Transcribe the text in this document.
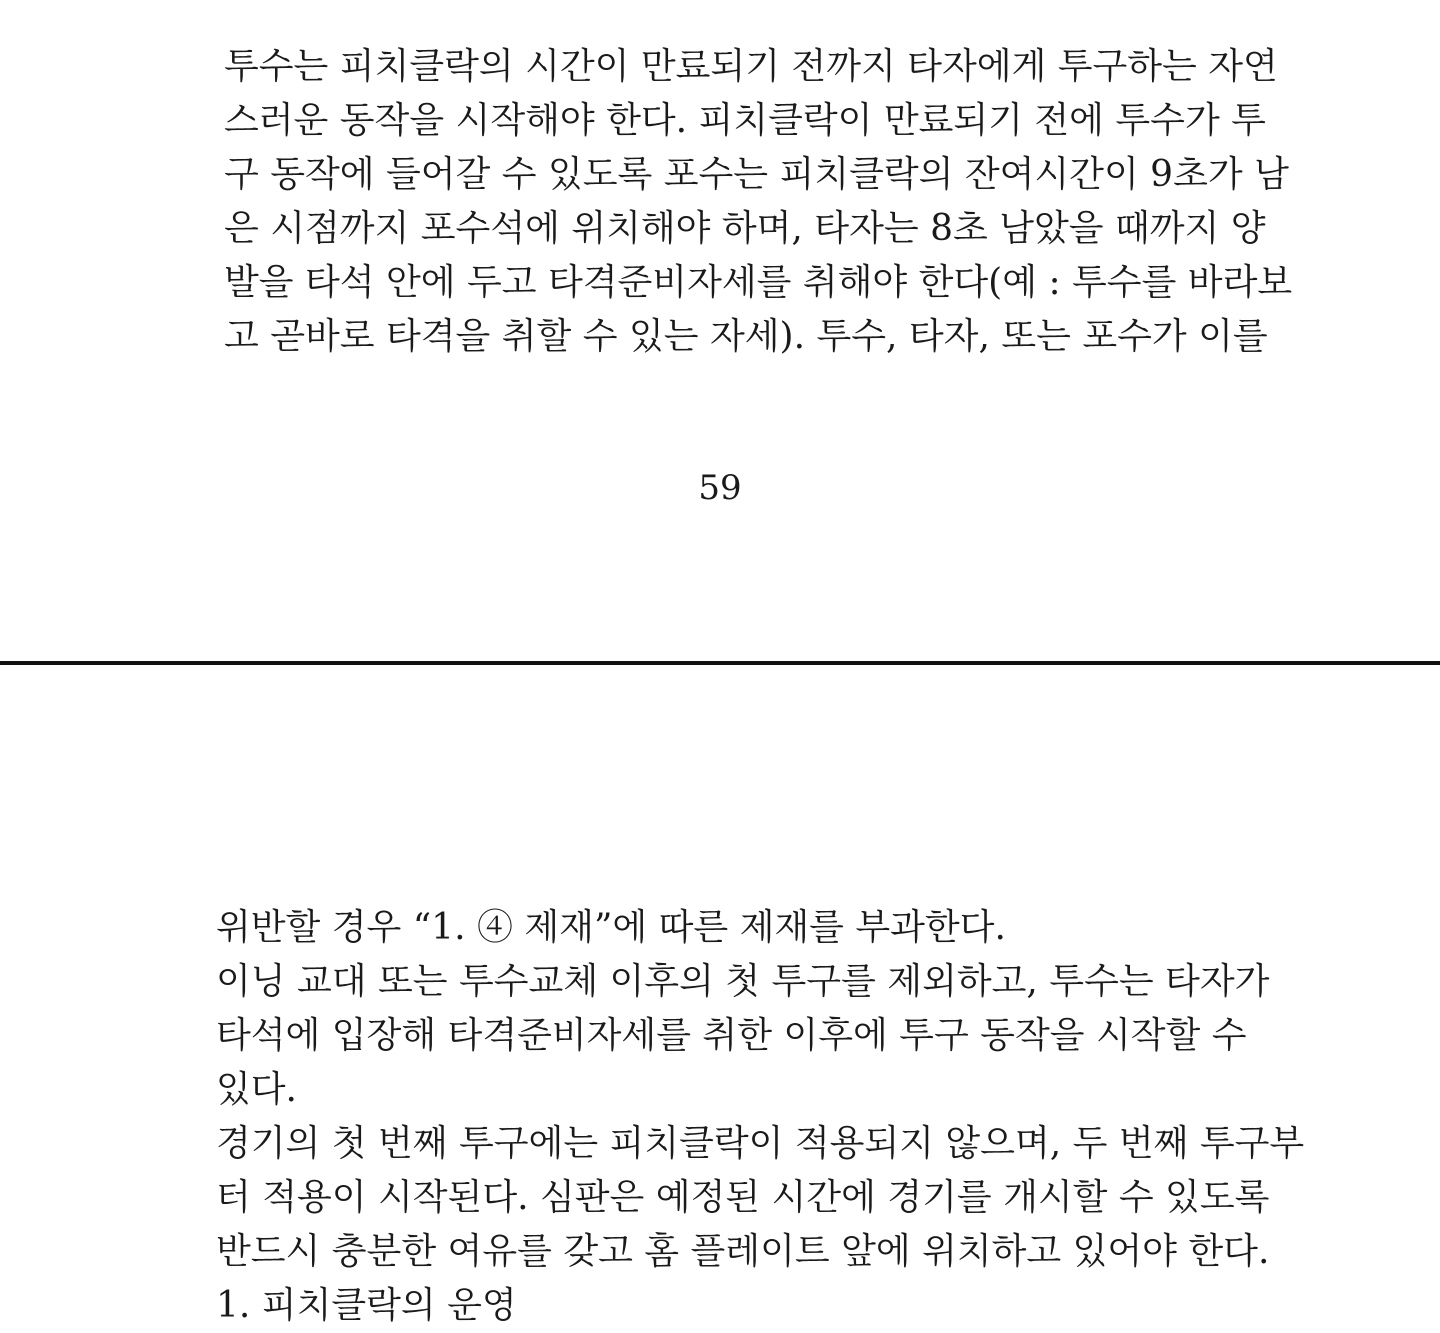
투수는 피치클락의 시간이 만료되기 전까지 타자에게 투구하는 자연
스러운 동작을 시작해야 한다. 피치클락이 만료되기 전에 투수가 투
구 동작에 들어갈 수 있도록 포수는 피치클락의 잔여시간이 9초가 남
은 시점까지 포수석에 위치해야 하며, 타자는 8초 남았을 때까지 양
발을 타석 안에 두고 타격준비자세를 취해야 한다(예 : 투수를 바라보
고 곧바로 타격을 취할 수 있는 자세). 투수, 타자, 또는 포수가 이를
59
위반할 경우 “1. ④ 제재”에 따른 제재를 부과한다.
이닝 교대 또는 투수교체 이후의 첫 투구를 제외하고, 투수는 타자가
타석에 입장해 타격준비자세를 취한 이후에 투구 동작을 시작할 수
있다.
경기의 첫 번째 투구에는 피치클락이 적용되지 않으며, 두 번째 투구부
터 적용이 시작된다. 심판은 예정된 시간에 경기를 개시할 수 있도록
반드시 충분한 여유를 갖고 홈 플레이트 앞에 위치하고 있어야 한다.
1. 피치클락의 운영
